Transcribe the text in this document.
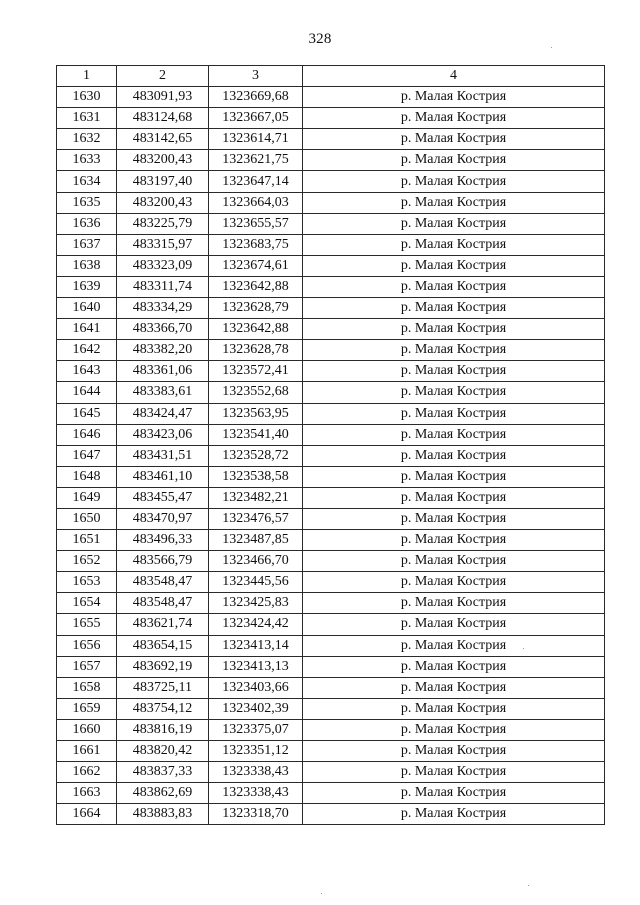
328
1	2	3	4
1630	483091,93	1323669,68	р. Малая Кострия
1631	483124,68	1323667,05	р. Малая Кострия
1632	483142,65	1323614,71	р. Малая Кострия
1633	483200,43	1323621,75	р. Малая Кострия
1634	483197,40	1323647,14	р. Малая Кострия
1635	483200,43	1323664,03	р. Малая Кострия
1636	483225,79	1323655,57	р. Малая Кострия
1637	483315,97	1323683,75	р. Малая Кострия
1638	483323,09	1323674,61	р. Малая Кострия
1639	483311,74	1323642,88	р. Малая Кострия
1640	483334,29	1323628,79	р. Малая Кострия
1641	483366,70	1323642,88	р. Малая Кострия
1642	483382,20	1323628,78	р. Малая Кострия
1643	483361,06	1323572,41	р. Малая Кострия
1644	483383,61	1323552,68	р. Малая Кострия
1645	483424,47	1323563,95	р. Малая Кострия
1646	483423,06	1323541,40	р. Малая Кострия
1647	483431,51	1323528,72	р. Малая Кострия
1648	483461,10	1323538,58	р. Малая Кострия
1649	483455,47	1323482,21	р. Малая Кострия
1650	483470,97	1323476,57	р. Малая Кострия
1651	483496,33	1323487,85	р. Малая Кострия
1652	483566,79	1323466,70	р. Малая Кострия
1653	483548,47	1323445,56	р. Малая Кострия
1654	483548,47	1323425,83	р. Малая Кострия
1655	483621,74	1323424,42	р. Малая Кострия
1656	483654,15	1323413,14	р. Малая Кострия
1657	483692,19	1323413,13	р. Малая Кострия
1658	483725,11	1323403,66	р. Малая Кострия
1659	483754,12	1323402,39	р. Малая Кострия
1660	483816,19	1323375,07	р. Малая Кострия
1661	483820,42	1323351,12	р. Малая Кострия
1662	483837,33	1323338,43	р. Малая Кострия
1663	483862,69	1323338,43	р. Малая Кострия
1664	483883,83	1323318,70	р. Малая Кострия
